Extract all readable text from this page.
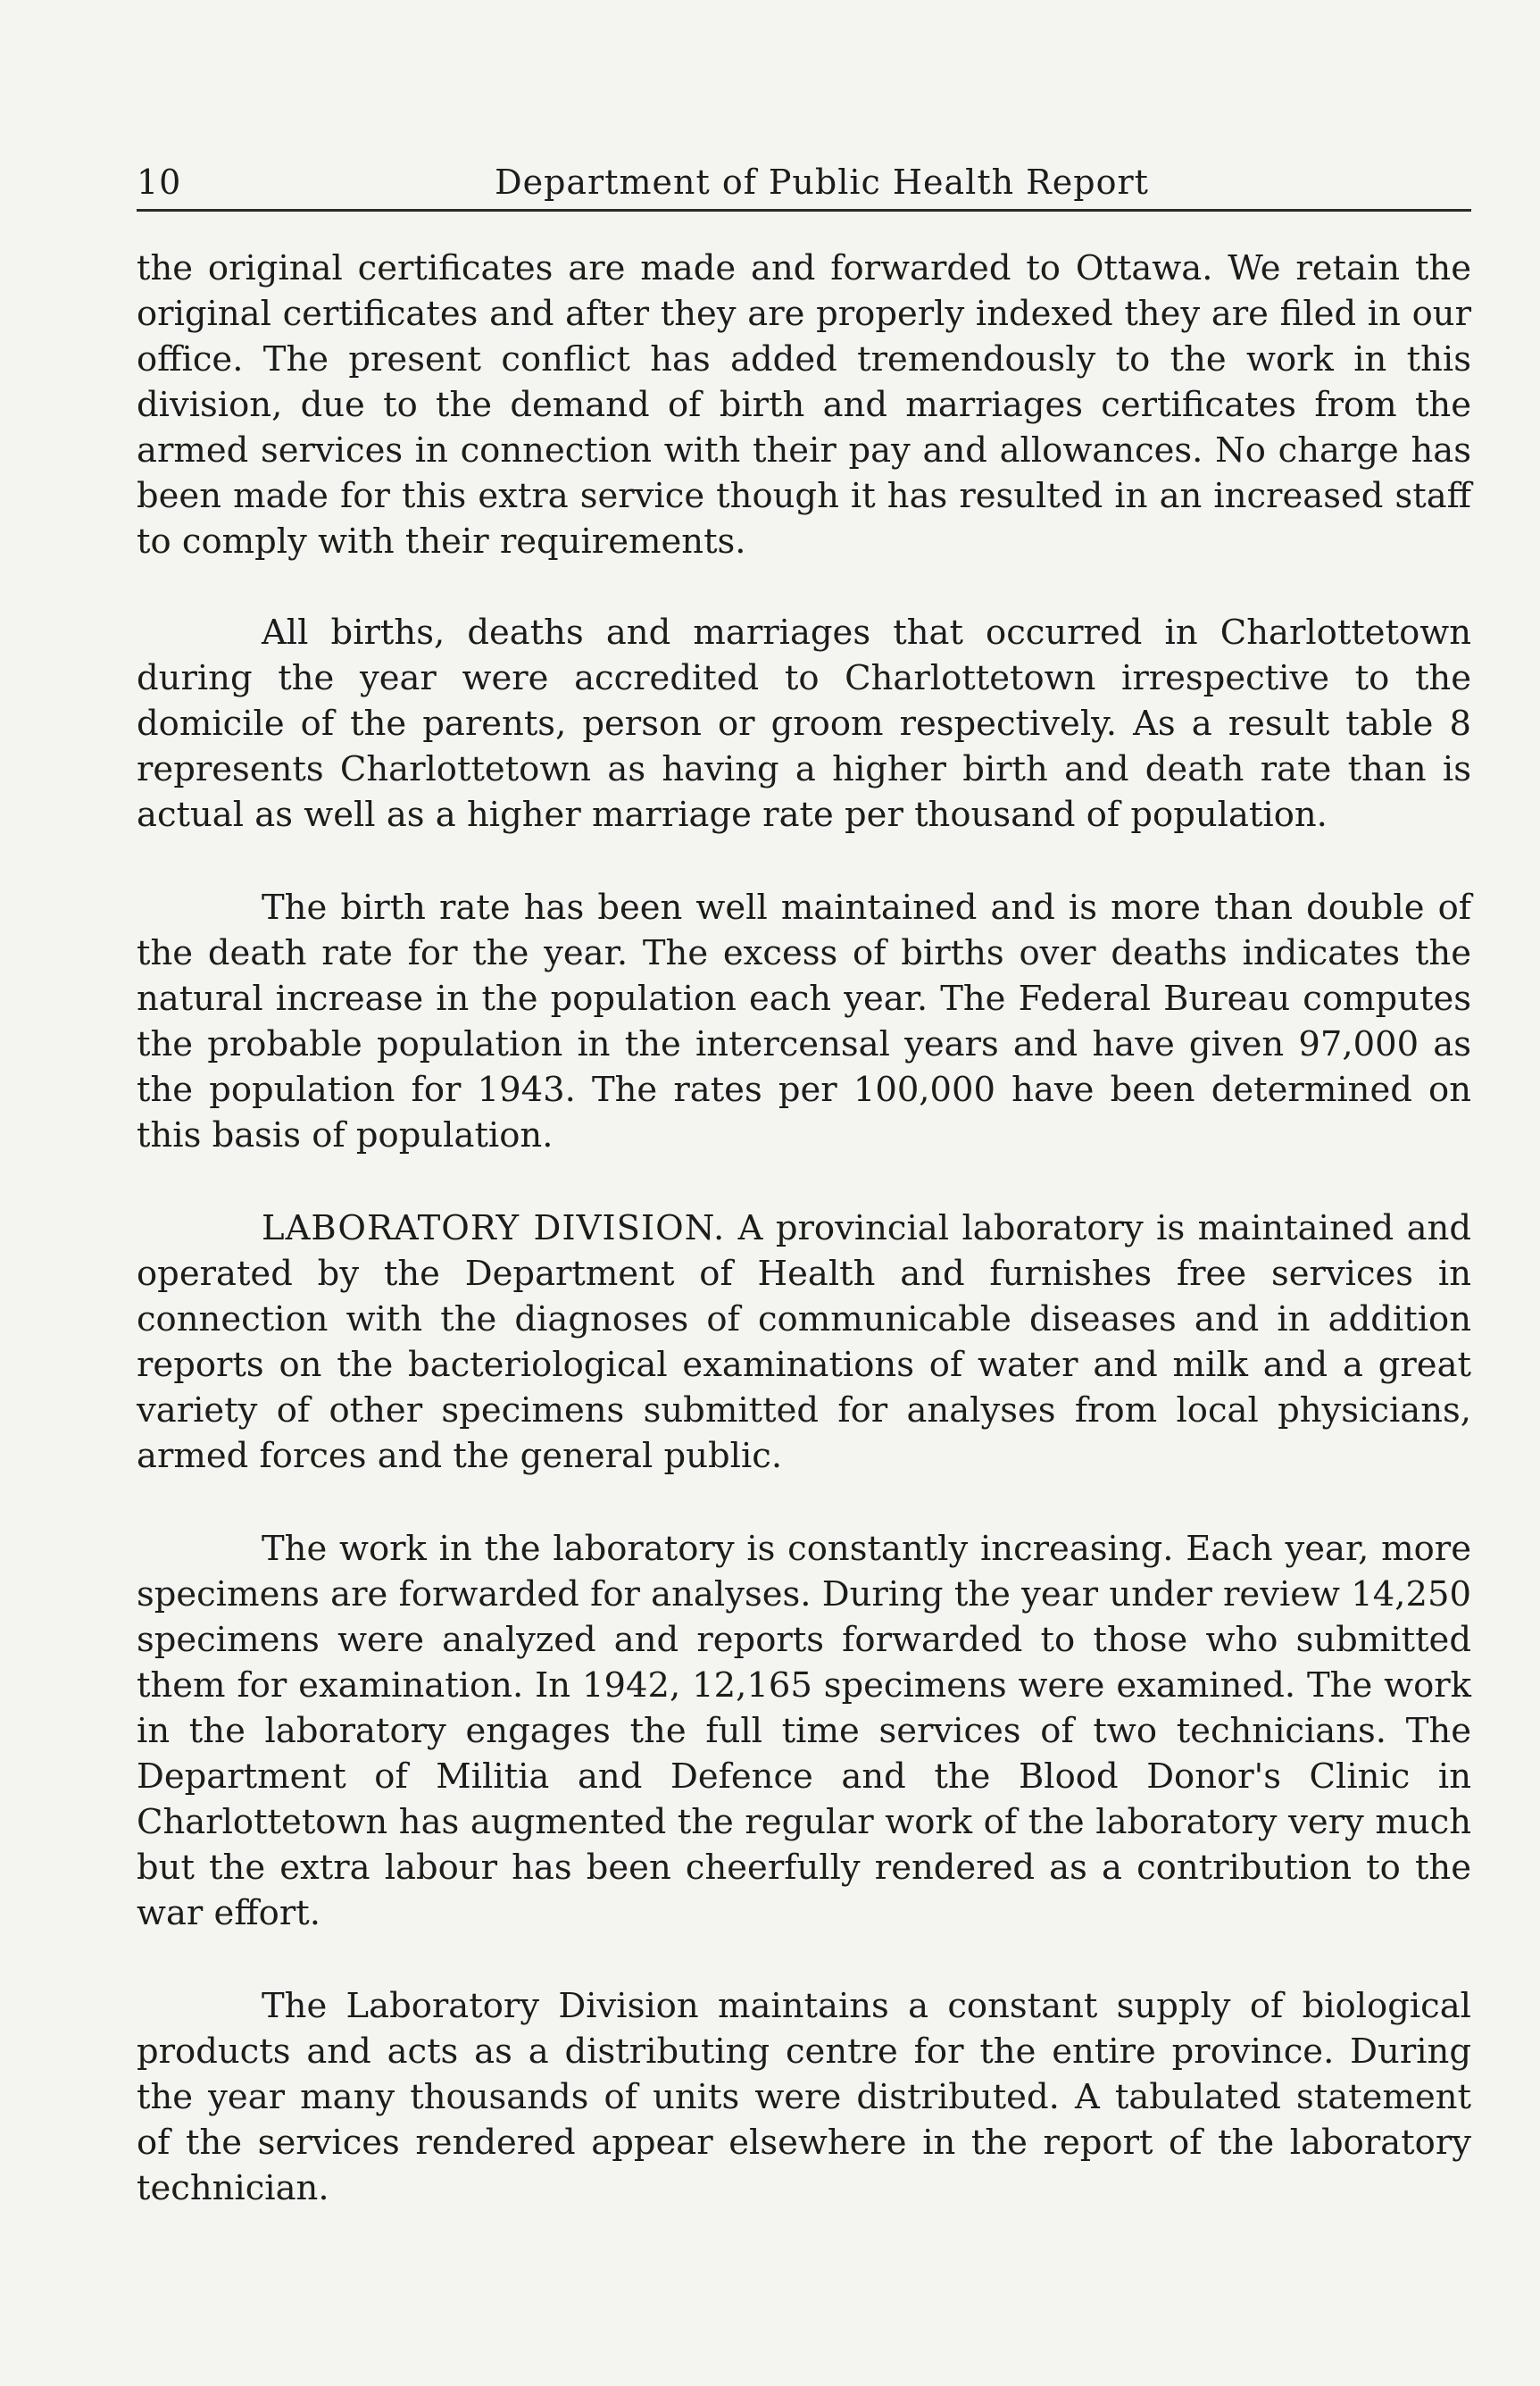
10	Department of Public Health Report

the original certificates are made and forwarded to Ottawa. We retain the original certificates and after they are properly indexed they are filed in our office. The present conflict has added tremendously to the work in this division, due to the demand of birth and marriages certificates from the armed services in connection with their pay and allowances. No charge has been made for this extra service though it has resulted in an increased staff to comply with their requirements.

All births, deaths and marriages that occurred in Charlottetown during the year were accredited to Charlottetown irrespective to the domicile of the parents, person or groom respectively. As a result table 8 represents Charlottetown as having a higher birth and death rate than is actual as well as a higher marriage rate per thousand of population.

The birth rate has been well maintained and is more than double of the death rate for the year. The excess of births over deaths indicates the natural increase in the population each year. The Federal Bureau computes the probable population in the intercensal years and have given 97,000 as the population for 1943. The rates per 100,000 have been determined on this basis of population.

LABORATORY DIVISION. A provincial laboratory is maintained and operated by the Department of Health and furnishes free services in connection with the diagnoses of communicable diseases and in addition reports on the bacteriological examinations of water and milk and a great variety of other specimens submitted for analyses from local physicians, armed forces and the general public.

The work in the laboratory is constantly increasing. Each year, more specimens are forwarded for analyses. During the year under review 14,250 specimens were analyzed and reports forwarded to those who submitted them for examination. In 1942, 12,165 specimens were examined. The work in the laboratory engages the full time services of two technicians. The Department of Militia and Defence and the Blood Donor's Clinic in Charlottetown has augmented the regular work of the laboratory very much but the extra labour has been cheerfully rendered as a contribution to the war effort.

The Laboratory Division maintains a constant supply of biological products and acts as a distributing centre for the entire province. During the year many thousands of units were distributed. A tabulated statement of the services rendered appear elsewhere in the report of the laboratory technician.
